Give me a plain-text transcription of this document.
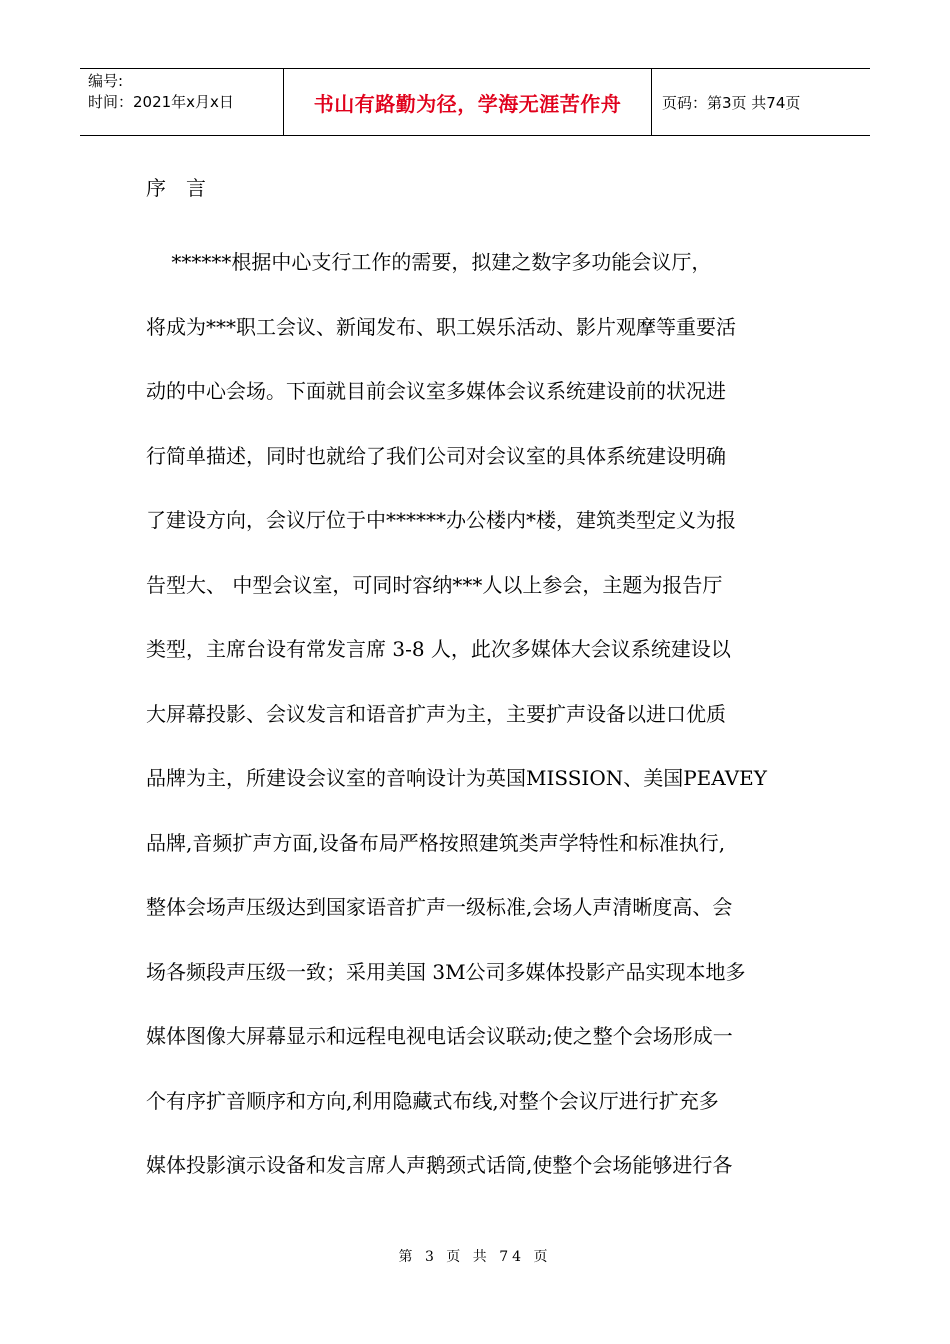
编号:
时间：2021年x月x日	书山有路勤为径，学海无涯苦作舟	页码：第3页 共74页
序言
******根据中心支行工作的需要，拟建之数字多功能会议厅，
将成为***职工会议、新闻发布、职工娱乐活动、影片观摩等重要活
动的中心会场。下面就目前会议室多媒体会议系统建设前的状况进
行简单描述，同时也就给了我们公司对会议室的具体系统建设明确
了建设方向，会议厅位于中******办公楼内*楼，建筑类型定义为报
告型大、 中型会议室，可同时容纳***人以上参会，主题为报告厅
类型，主席台设有常发言席 3-8 人，此次多媒体大会议系统建设以
大屏幕投影、会议发言和语音扩声为主，主要扩声设备以进口优质
品牌为主，所建设会议室的音响设计为英国MISSION、美国PEAVEY
品牌,音频扩声方面,设备布局严格按照建筑类声学特性和标准执行,
整体会场声压级达到国家语音扩声一级标准,会场人声清晰度高、会
场各频段声压级一致；采用美国 3M公司多媒体投影产品实现本地多
媒体图像大屏幕显示和远程电视电话会议联动;使之整个会场形成一
个有序扩音顺序和方向,利用隐藏式布线,对整个会议厅进行扩充多
媒体投影演示设备和发言席人声鹅颈式话筒,使整个会场能够进行各
第 3 页 共 74 页
